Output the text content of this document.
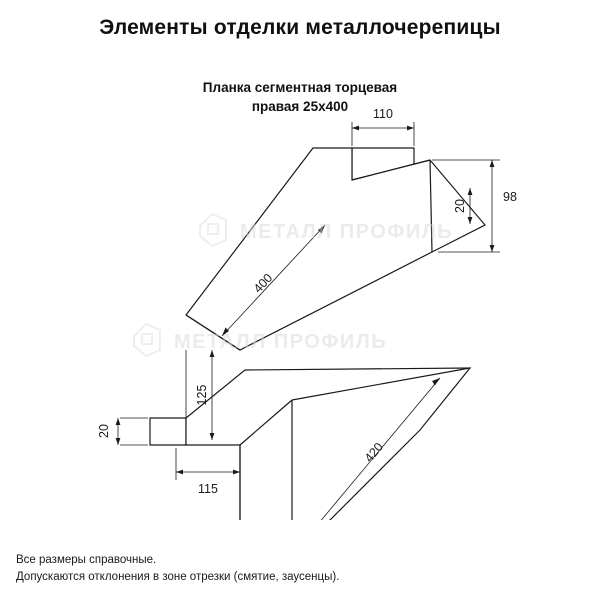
Элементы отделки металлочерепицы
Планка сегментная торцевая
правая 25х400	110
98
20
400
20
420
125
115
МЕТАЛЛ ПРОФИЛЬ
МЕТАЛЛ ПРОФИЛЬ
Все размеры справочные.
Допускаются отклонения в зоне отрезки (смятие, заусенцы).
